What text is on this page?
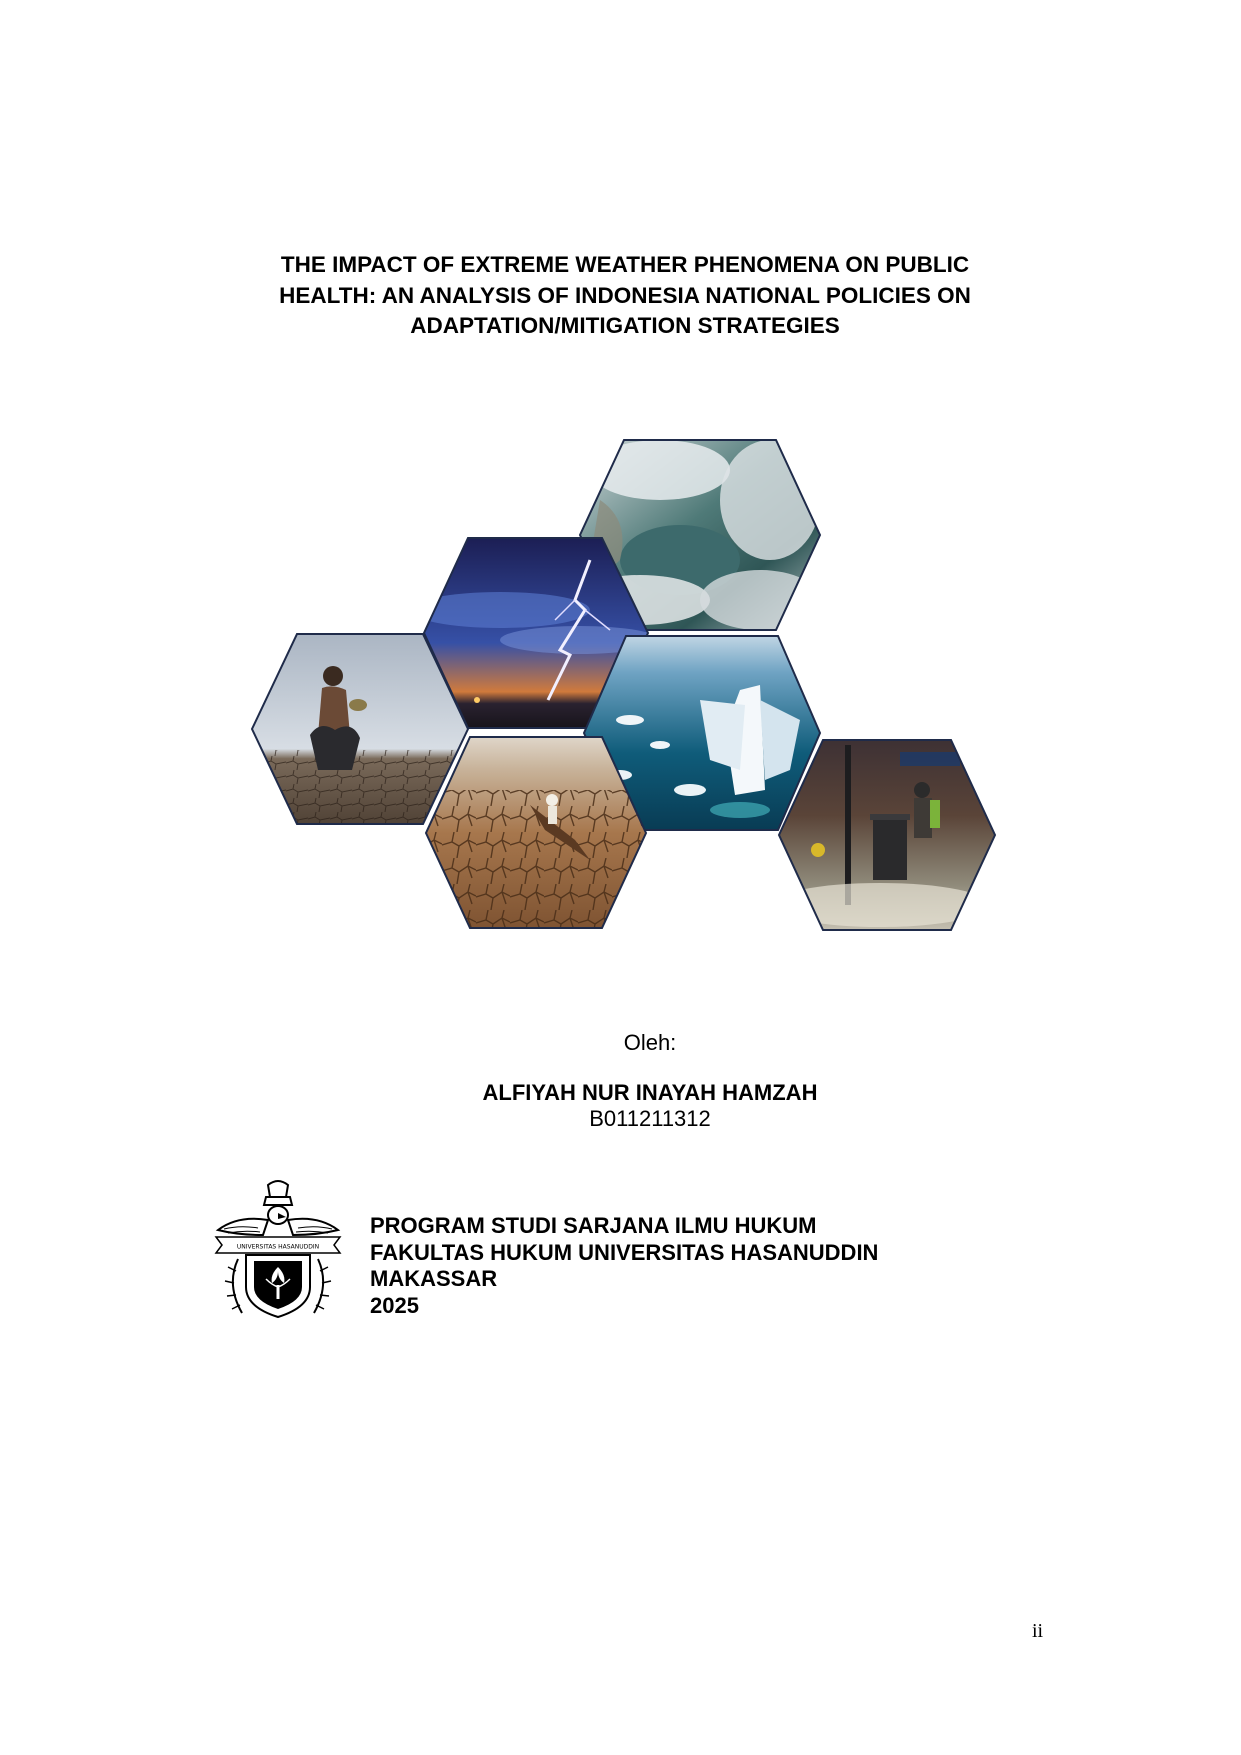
THE IMPACT OF EXTREME WEATHER PHENOMENA ON PUBLIC
HEALTH: AN ANALYSIS OF INDONESIA NATIONAL POLICIES ON
ADAPTATION/MITIGATION STRATEGIES
Oleh:
ALFIYAH NUR INAYAH HAMZAH
B011211312
UNIVERSITAS HASANUDDIN
PROGRAM STUDI SARJANA ILMU HUKUM
FAKULTAS HUKUM UNIVERSITAS HASANUDDIN
MAKASSAR
2025
ii
